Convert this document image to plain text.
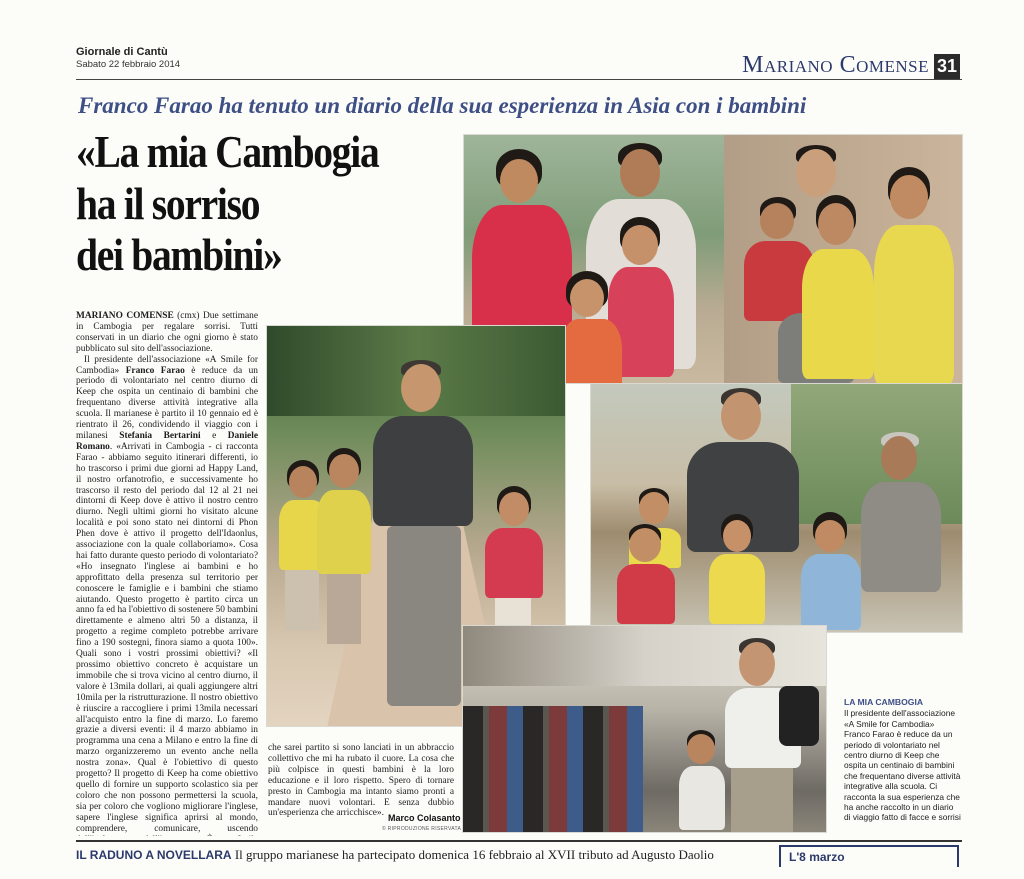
Giornale di Cantù
Sabato 22 febbraio 2014	Mariano Comense 31
Franco Farao ha tenuto un diario della sua esperienza in Asia con i bambini
«La mia Cambogia
ha il sorriso
dei bambini»

MARIANO COMENSE (cmx) Due settimane in Cambogia per regalare sorrisi. Tutti conservati in un diario che ogni giorno è stato pubblicato sul sito dell'associazione.

Il presidente dell'associazione «A Smile for Cambodia» Franco Farao è reduce da un periodo di volontariato nel centro diurno di Keep che ospita un centinaio di bambini che frequentano diverse attività integrative alla scuola. Il marianese è partito il 10 gennaio ed è rientrato il 26, condividendo il viaggio con i milanesi Stefania Bertarini e Daniele Romano. «Arrivati in Cambogia - ci racconta Farao - abbiamo seguito itinerari differenti, io ho trascorso i primi due giorni ad Happy Land, il nostro orfanotrofio, e successivamente ho trascorso il resto del periodo dal 12 al 21 nei dintorni di Keep dove è attivo il nostro centro diurno. Negli ultimi giorni ho visitato alcune località e poi sono stato nei dintorni di Phon Phen dove è attivo il progetto dell'Idaonlus, associazione con la quale collaboriamo». Cosa hai fatto durante questo periodo di volontariato? «Ho insegnato l'inglese ai bambini e ho approfittato della presenza sul territorio per conoscere le famiglie e i bambini che stiamo aiutando. Questo progetto è partito circa un anno fa ed ha l'obiettivo di sostenere 50 bambini direttamente e almeno altri 50 a distanza, il progetto a regime completo potrebbe arrivare fino a 190 sostegni, finora siamo a quota 100». Quali sono i vostri prossimi obiettivi? «Il prossimo obiettivo concreto è acquistare un immobile che si trova vicino al centro diurno, il valore è 13mila dollari, ai quali aggiungere altri 10mila per la ristrutturazione. Il nostro obiettivo è riuscire a raccogliere i primi 13mila necessari all'acquisto entro la fine di marzo. Lo faremo grazie a diversi eventi: il 4 marzo abbiamo in programma una cena a Milano e entro la fine di marzo organizzeremo un evento anche nella nostra zona». Qual è l'obiettivo di questo progetto? Il progetto di Keep ha come obiettivo quello di fornire un supporto scolastico sia per coloro che non possono permettersi la scuola, sia per coloro che vogliono migliorare l'inglese, sapere l'inglese significa aprirsi al mondo, comprendere, comunicare, uscendo

che sarei partito si sono lanciati in un abbraccio collettivo che mi ha rubato il cuore. La cosa che più colpisce in questi bambini è la loro educazione e il loro rispetto. Spero di tornare presto in Cambogia ma intanto siamo pronti a mandare nuovi volontari. E senza dubbio un'esperienza che arricchisce». Marco Colasanto
© RIPRODUZIONE RISERVATA
LA MIA CAMBOGIA
Il presidente dell'associazione «A Smile for Cambodia» Franco Farao è reduce da un periodo di volontariato nel centro diurno di Keep che ospita un centinaio di bambini che frequentano diverse attività integrative alla scuola. Ci racconta la sua esperienza che ha anche raccolto in un diario di viaggio fatto di facce e sorrisi
IL RADUNO A NOVELLARA Il gruppo marianese ha partecipato domenica 16 febbraio al XVII tributo ad Augusto Daolio	L'8 marzo
